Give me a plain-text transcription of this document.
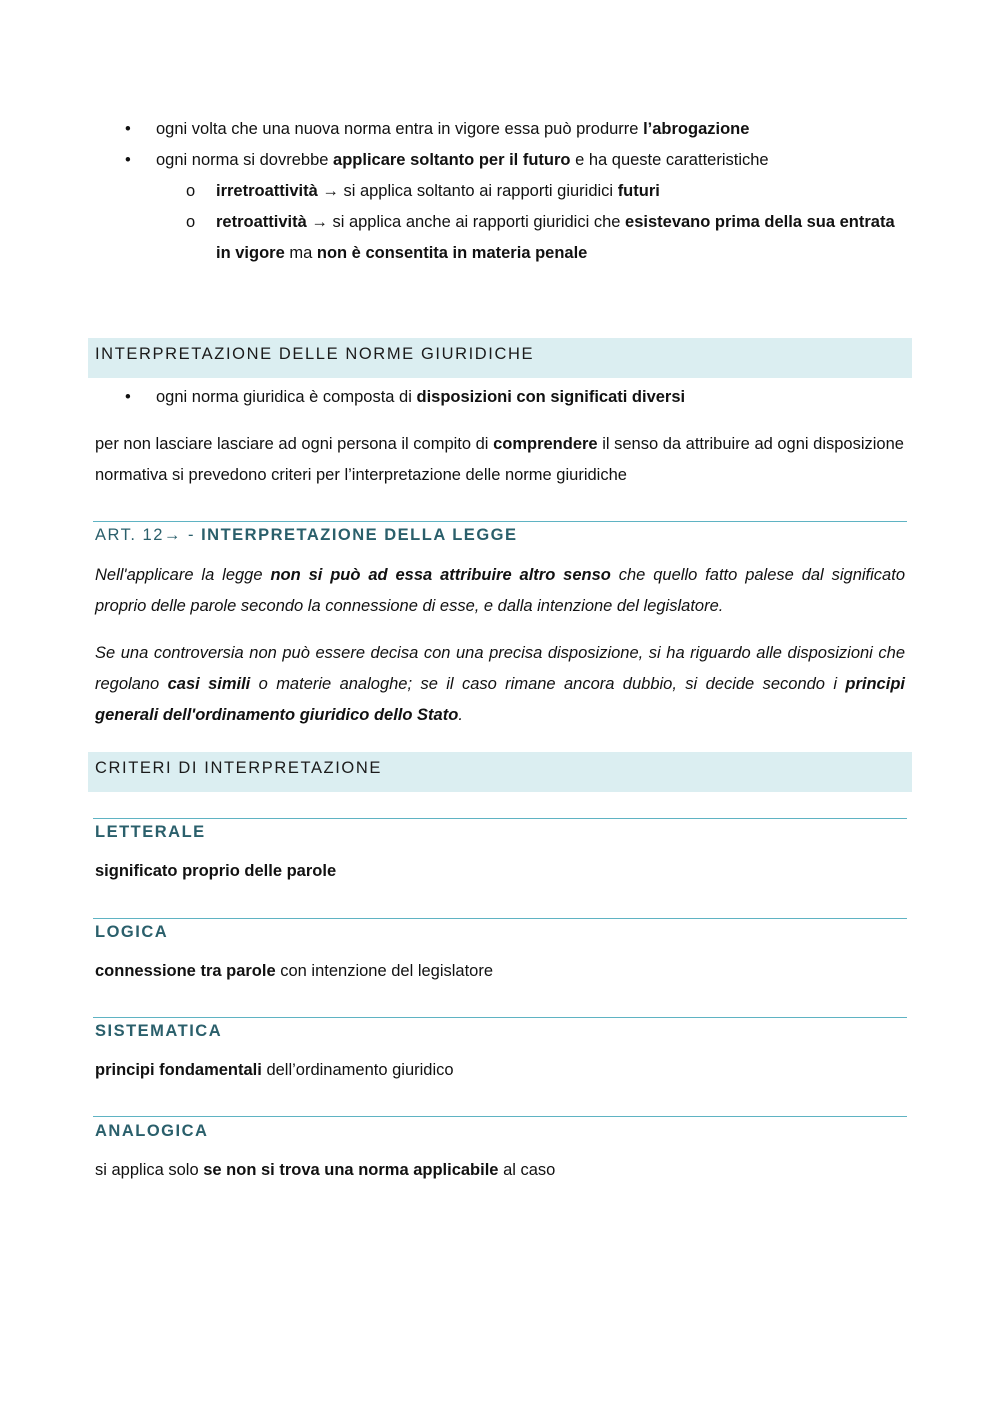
• ogni volta che una nuova norma entra in vigore essa può produrre l’abrogazione
• ogni norma si dovrebbe applicare soltanto per il futuro e ha queste caratteristiche
o irretroattività → si applica soltanto ai rapporti giuridici futuri
o retroattività → si applica anche ai rapporti giuridici che esistevano prima della sua entrata in vigore ma non è consentita in materia penale
INTERPRETAZIONE DELLE NORME GIURIDICHE
• ogni norma giuridica è composta di disposizioni con significati diversi
per non lasciare lasciare ad ogni persona il compito di comprendere il senso da attribuire ad ogni disposizione normativa si prevedono criteri per l’interpretazione delle norme giuridiche
ART. 12→ - INTERPRETAZIONE DELLA LEGGE
Nell'applicare la legge non si può ad essa attribuire altro senso che quello fatto palese dal significato proprio delle parole secondo la connessione di esse, e dalla intenzione del legislatore.
Se una controversia non può essere decisa con una precisa disposizione, si ha riguardo alle disposizioni che regolano casi simili o materie analoghe; se il caso rimane ancora dubbio, si decide secondo i principi generali dell'ordinamento giuridico dello Stato.
CRITERI DI INTERPRETAZIONE
LETTERALE
significato proprio delle parole
LOGICA
connessione tra parole con intenzione del legislatore
SISTEMATICA
principi fondamentali dell’ordinamento giuridico
ANALOGICA
si applica solo se non si trova una norma applicabile al caso
